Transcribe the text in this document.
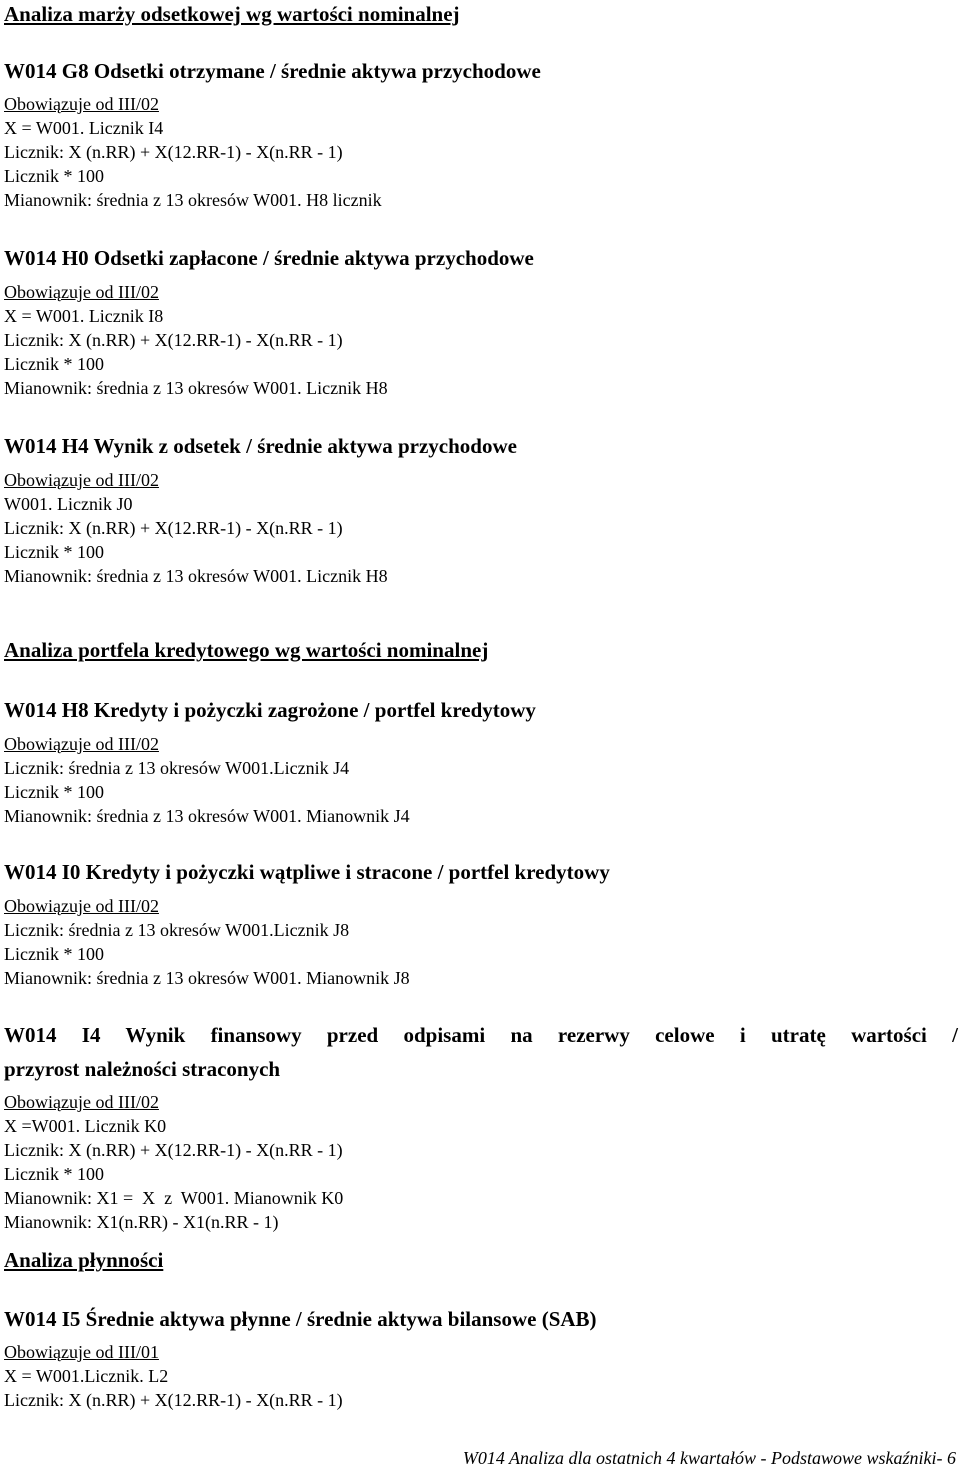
Analiza marży odsetkowej wg wartości nominalnej
W014 G8 Odsetki otrzymane / średnie aktywa przychodowe

Obowiązuje od III/02

X = W001. Licznik I4

Licznik: X (n.RR) + X(12.RR-1) - X(n.RR - 1)

Licznik * 100

Mianownik: średnia z 13 okresów W001. H8 licznik

W014 H0 Odsetki zapłacone / średnie aktywa przychodowe

Obowiązuje od III/02

X = W001. Licznik I8

Licznik: X (n.RR) + X(12.RR-1) - X(n.RR - 1)

Licznik * 100

Mianownik: średnia z 13 okresów W001. Licznik H8

W014 H4 Wynik z odsetek / średnie aktywa przychodowe

Obowiązuje od III/02

W001. Licznik J0

Licznik: X (n.RR) + X(12.RR-1) - X(n.RR - 1)

Licznik * 100

Mianownik: średnia z 13 okresów W001. Licznik H8

Analiza portfela kredytowego wg wartości nominalnej
W014 H8 Kredyty i pożyczki zagrożone / portfel kredytowy

Obowiązuje od III/02

Licznik: średnia z 13 okresów W001.Licznik J4

Licznik * 100

Mianownik: średnia z 13 okresów W001. Mianownik J4

W014 I0 Kredyty i pożyczki wątpliwe i stracone / portfel kredytowy

Obowiązuje od III/02

Licznik: średnia z 13 okresów W001.Licznik J8

Licznik * 100

Mianownik: średnia z 13 okresów W001. Mianownik J8

W014 I4 Wynik finansowy przed odpisami na rezerwy celowe i utratę wartości /
przyrost należności straconych

Obowiązuje od III/02

X =W001. Licznik K0

Licznik: X (n.RR) + X(12.RR-1) - X(n.RR - 1)

Licznik * 100

Mianownik: X1 =  X  z  W001. Mianownik K0

Mianownik: X1(n.RR) - X1(n.RR - 1)

Analiza płynności
W014 I5 Średnie aktywa płynne / średnie aktywa bilansowe (SAB)

Obowiązuje od III/01

X = W001.Licznik. L2

Licznik: X (n.RR) + X(12.RR-1) - X(n.RR - 1)

W014 Analiza dla ostatnich 4 kwartałów - Podstawowe wskaźniki- 6
